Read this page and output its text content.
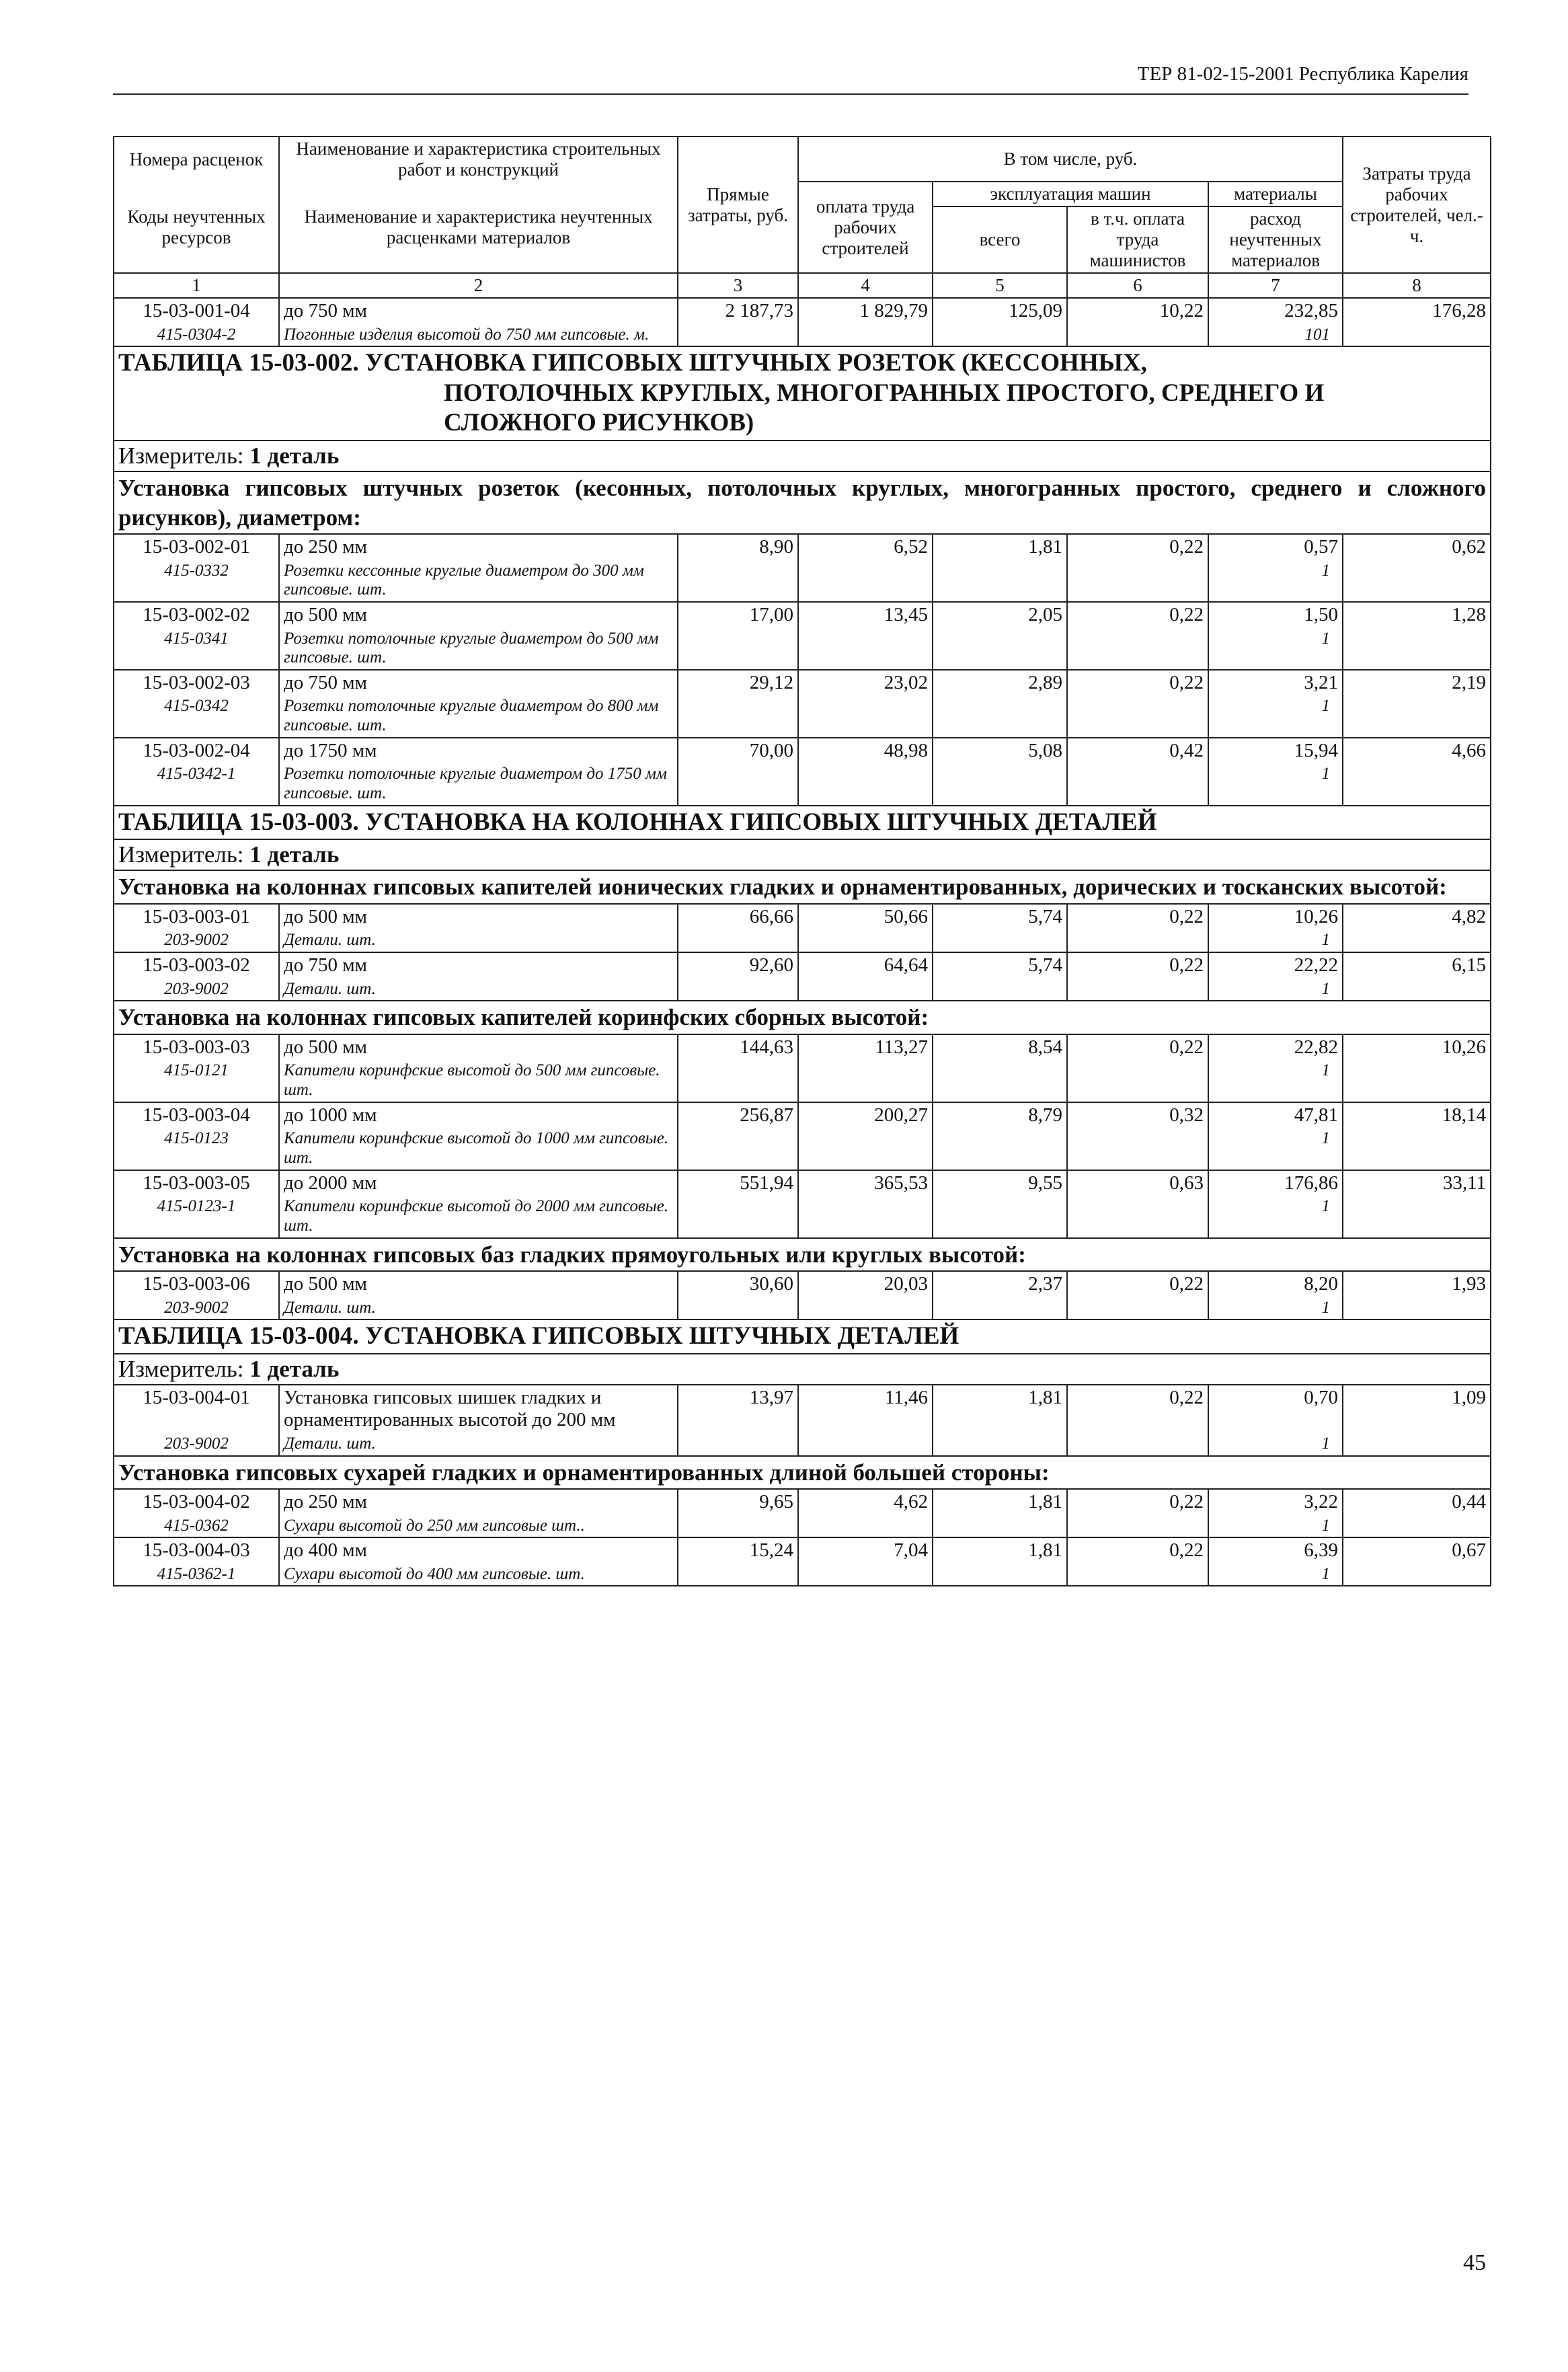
ТЕР 81-02-15-2001 Республика Карелия
Номера расценок	Наименование и характеристика строительных работ и конструкций	Прямые затраты, руб.	В том числе, руб.				Затраты труда рабочих строителей, чел.-ч.
Коды неучтенных ресурсов	Наименование и характеристика неучтенных расценками материалов		оплата труда рабочих строителей	эксплуатация машин		материалы	
				всего	в т.ч. оплата труда машинистов	расход неучтенных материалов	

1	2	3	4	5	6	7	8
15-03-001-04	до 750 мм	2 187,73	1 829,79	125,09	10,22	232,85	176,28
415-0304-2	Погонные изделия высотой до 750 мм гипсовые. м.					101	

ТАБЛИЦА 15-03-002. УСТАНОВКА ГИПСОВЫХ ШТУЧНЫХ РОЗЕТОК (КЕССОННЫХ,
ПОТОЛОЧНЫХ КРУГЛЫХ, МНОГОГРАННЫХ ПРОСТОГО, СРЕДНЕГО И
СЛОЖНОГО РИСУНКОВ)							

Измеритель: 1 деталь							
Установка гипсовых штучных розеток (кесонных, потолочных круглых, многогранных простого, среднего и сложного рисунков), диаметром:							
15-03-002-01	до 250 мм	8,90	6,52	1,81	0,22	0,57	0,62
415-0332	Розетки кессонные круглые диаметром до 300 мм гипсовые. шт.					1	
15-03-002-02	до 500 мм	17,00	13,45	2,05	0,22	1,50	1,28
415-0341	Розетки потолочные круглые диаметром до 500 мм гипсовые. шт.					1	
15-03-002-03	до 750 мм	29,12	23,02	2,89	0,22	3,21	2,19
415-0342	Розетки потолочные круглые диаметром до 800 мм гипсовые. шт.					1	
15-03-002-04	до 1750 мм	70,00	48,98	5,08	0,42	15,94	4,66
415-0342-1	Розетки потолочные круглые диаметром до 1750 мм гипсовые. шт.					1	

ТАБЛИЦА 15-03-003. УСТАНОВКА НА КОЛОННАХ ГИПСОВЫХ ШТУЧНЫХ ДЕТАЛЕЙ							

Измеритель: 1 деталь							
Установка на колоннах гипсовых капителей ионических гладких и орнаментированных, дорических и тосканских высотой:							
15-03-003-01	до 500 мм	66,66	50,66	5,74	0,22	10,26	4,82
203-9002	Детали. шт.					1	
15-03-003-02	до 750 мм	92,60	64,64	5,74	0,22	22,22	6,15
203-9002	Детали. шт.					1	
Установка на колоннах гипсовых капителей коринфских сборных высотой:							
15-03-003-03	до 500 мм	144,63	113,27	8,54	0,22	22,82	10,26
415-0121	Капители коринфские высотой до 500 мм гипсовые. шт.					1	
15-03-003-04	до 1000 мм	256,87	200,27	8,79	0,32	47,81	18,14
415-0123	Капители коринфские высотой до 1000 мм гипсовые. шт.					1	
15-03-003-05	до 2000 мм	551,94	365,53	9,55	0,63	176,86	33,11
415-0123-1	Капители коринфские высотой до 2000 мм гипсовые. шт.					1	
Установка на колоннах гипсовых баз гладких прямоугольных или круглых высотой:							
15-03-003-06	до 500 мм	30,60	20,03	2,37	0,22	8,20	1,93
203-9002	Детали. шт.					1	

ТАБЛИЦА 15-03-004. УСТАНОВКА ГИПСОВЫХ ШТУЧНЫХ ДЕТАЛЕЙ							

Измеритель: 1 деталь							
15-03-004-01	Установка гипсовых шишек гладких и орнаментированных высотой до 200 мм	13,97	11,46	1,81	0,22	0,70	1,09
203-9002	Детали. шт.					1	
Установка гипсовых сухарей гладких и орнаментированных длиной большей стороны:							
15-03-004-02	до 250 мм	9,65	4,62	1,81	0,22	3,22	0,44
415-0362	Сухари высотой до 250 мм гипсовые шт..					1	
15-03-004-03	до 400 мм	15,24	7,04	1,81	0,22	6,39	0,67
415-0362-1	Сухари высотой до 400 мм гипсовые. шт.					1	
45
